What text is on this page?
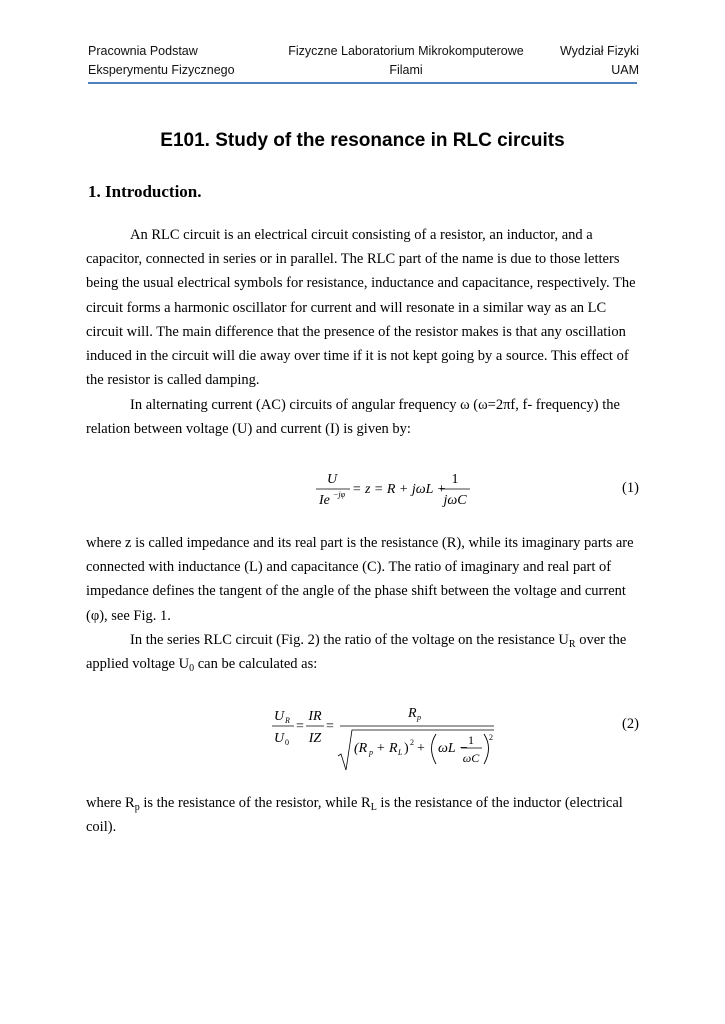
Pracownia Podstaw
Eksperymentu Fizycznego
Fizyczne Laboratorium Mikrokomputerowe
Filami
Wydział Fizyki
UAM
E101. Study of the resonance in RLC circuits
1. Introduction.
An RLC circuit is an electrical circuit consisting of a resistor, an inductor, and a capacitor, connected in series or in parallel. The RLC part of the name is due to those letters being the usual electrical symbols for resistance, inductance and capacitance, respectively. The circuit forms a harmonic oscillator for current and will resonate in a similar way as an LC circuit will. The main difference that the presence of the resistor makes is that any oscillation induced in the circuit will die away over time if it is not kept going by a source. This effect of the resistor is called damping.
In alternating current (AC) circuits of angular frequency ω (ω=2πf, f- frequency) the relation between voltage (U) and current (I) is given by:
U
Ie −jφ = z = R + jωL +
1
jωC
(1)
where z is called impedance and its real part is the resistance (R), while its imaginary parts are connected with inductance (L) and capacitance (C). The ratio of imaginary and real part of impedance defines the tangent of the angle of the phase shift between the voltage and current (φ), see Fig. 1.
In the series RLC circuit (Fig. 2) the ratio of the voltage on the resistance $U_R$ over the applied voltage $U_0$ can be calculated as:
U R
U 0
=
IR
IZ
=
R p
(R p + R L ) 2 + ωL −
1
ωC
2
(2)
where $R_p$ is the resistance of the resistor, while $R_L$ is the resistance of the inductor (electrical coil).
